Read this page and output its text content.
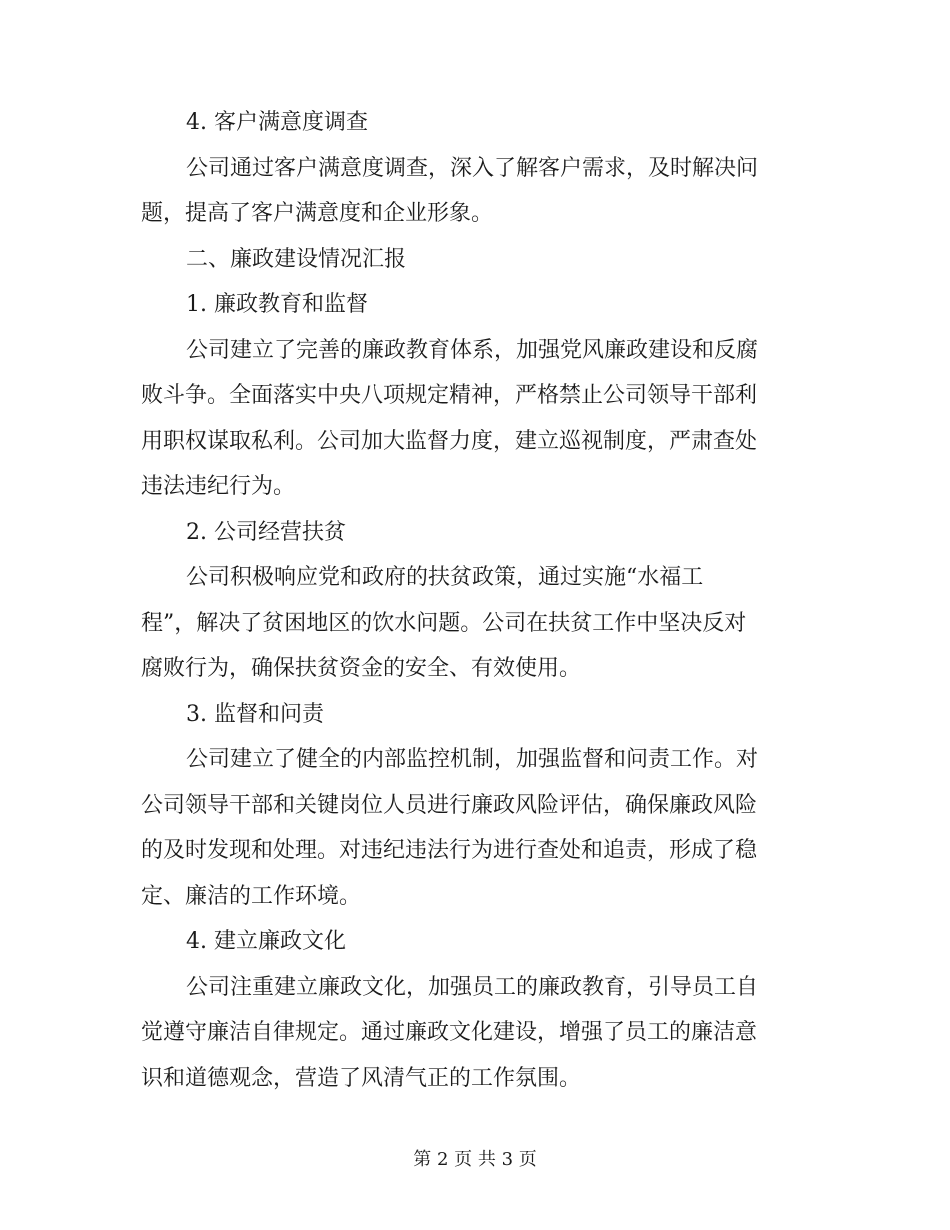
4. 客户满意度调查
公司通过客户满意度调查，深入了解客户需求，及时解决问
题，提高了客户满意度和企业形象。
二、廉政建设情况汇报
1. 廉政教育和监督
公司建立了完善的廉政教育体系，加强党风廉政建设和反腐
败斗争。全面落实中央八项规定精神，严格禁止公司领导干部利
用职权谋取私利。公司加大监督力度，建立巡视制度，严肃查处
违法违纪行为。
2. 公司经营扶贫
公司积极响应党和政府的扶贫政策，通过实施“水福工
程”，解决了贫困地区的饮水问题。公司在扶贫工作中坚决反对
腐败行为，确保扶贫资金的安全、有效使用。
3. 监督和问责
公司建立了健全的内部监控机制，加强监督和问责工作。对
公司领导干部和关键岗位人员进行廉政风险评估，确保廉政风险
的及时发现和处理。对违纪违法行为进行查处和追责，形成了稳
定、廉洁的工作环境。
4. 建立廉政文化
公司注重建立廉政文化，加强员工的廉政教育，引导员工自
觉遵守廉洁自律规定。通过廉政文化建设，增强了员工的廉洁意
识和道德观念，营造了风清气正的工作氛围。
第 2 页 共 3 页
